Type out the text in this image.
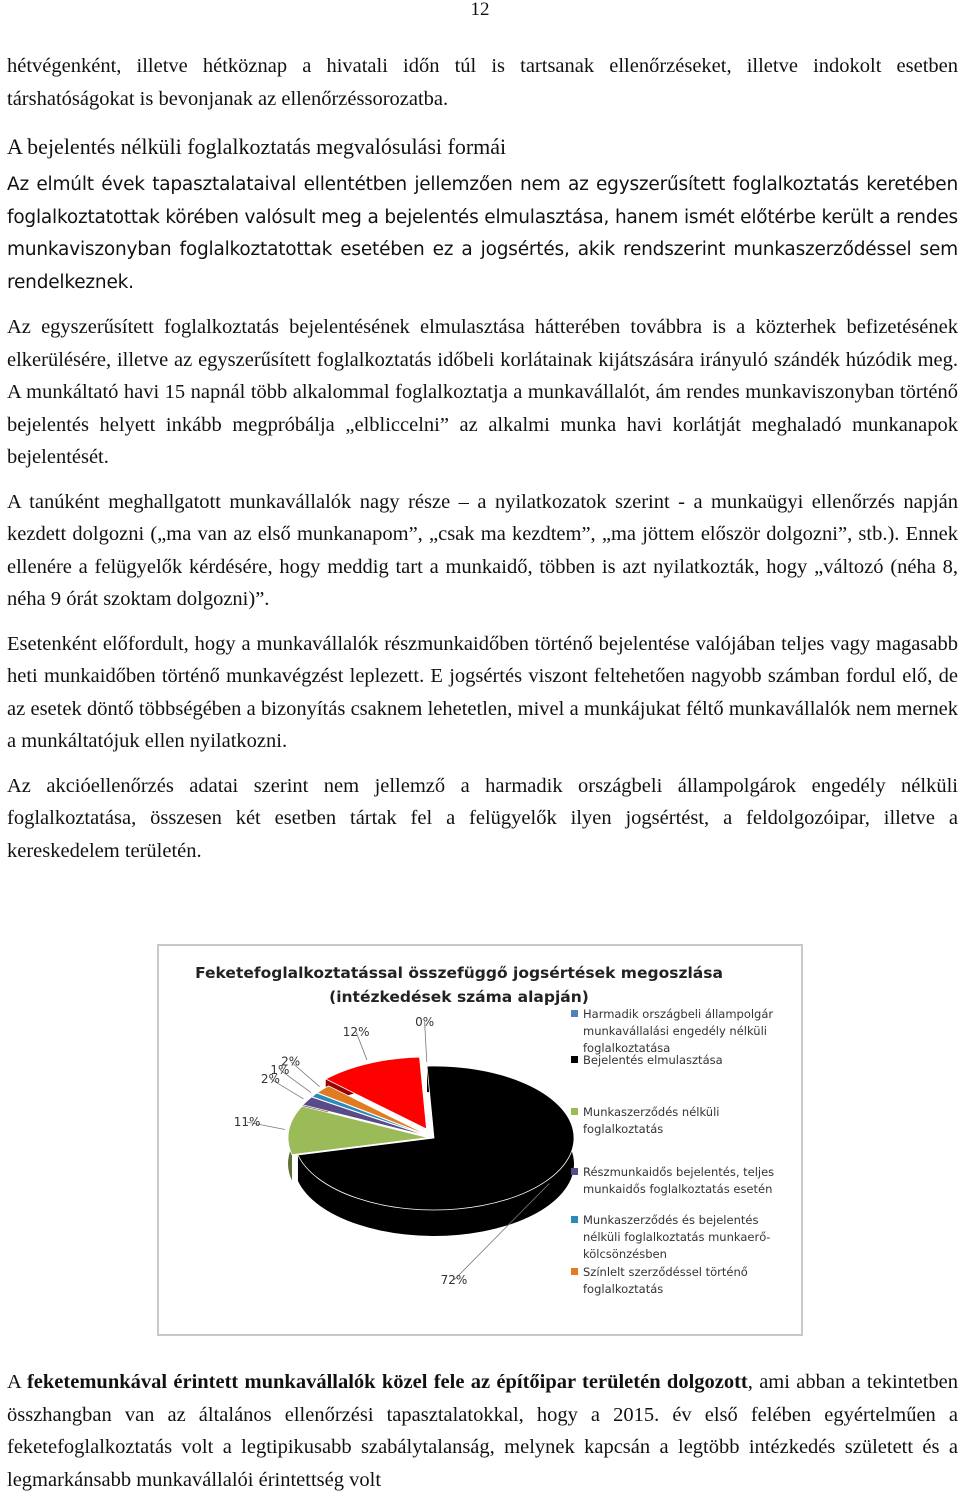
12

hétvégenként, illetve hétköznap a hivatali időn túl is tartsanak ellenőrzéseket, illetve indokolt esetben társhatóságokat is bevonjanak az ellenőrzéssorozatba.

A bejelentés nélküli foglalkoztatás megvalósulási formái

Az elmúlt évek tapasztalataival ellentétben jellemzően nem az egyszerűsített foglalkoztatás keretében foglalkoztatottak körében valósult meg a bejelentés elmulasztása, hanem ismét előtérbe került a rendes munkaviszonyban foglalkoztatottak esetében ez a jogsértés, akik rendszerint munkaszerződéssel sem rendelkeznek.

Az egyszerűsített foglalkoztatás bejelentésének elmulasztása hátterében továbbra is a közterhek befizetésének elkerülésére, illetve az egyszerűsített foglalkoztatás időbeli korlátainak kijátszására irányuló szándék húzódik meg. A munkáltató havi 15 napnál több alkalommal foglalkoztatja a munkavállalót, ám rendes munkaviszonyban történő bejelentés helyett inkább megpróbálja „elbliccelni” az alkalmi munka havi korlátját meghaladó munkanapok bejelentését.

A tanúként meghallgatott munkavállalók nagy része – a nyilatkozatok szerint - a munkaügyi ellenőrzés napján kezdett dolgozni („ma van az első munkanapom”, „csak ma kezdtem”, „ma jöttem először dolgozni”, stb.). Ennek ellenére a felügyelők kérdésére, hogy meddig tart a munkaidő, többen is azt nyilatkozták, hogy „változó (néha 8, néha 9 órát szoktam dolgozni)”.

Esetenként előfordult, hogy a munkavállalók részmunkaidőben történő bejelentése valójában teljes vagy magasabb heti munkaidőben történő munkavégzést leplezett. E jogsértés viszont feltehetően nagyobb számban fordul elő, de az esetek döntő többségében a bizonyítás csaknem lehetetlen, mivel a munkájukat féltő munkavállalók nem mernek a munkáltatójuk ellen nyilatkozni.

Az akcióellenőrzés adatai szerint nem jellemző a harmadik országbeli állampolgárok engedély nélküli foglalkoztatása, összesen két esetben tártak fel a felügyelők ilyen jogsértést, a feldolgozóipar, illetve a kereskedelem területén.

Feketefoglalkoztatással összefüggő jogsértések megoszlása
(intézkedések száma alapján)
0%
72%
11%
2%
1%
2%
12%
Harmadik országbeli állampolgár
munkavállalási engedély nélküli
foglalkoztatása
Bejelentés elmulasztása
Munkaszerződés nélküli
foglalkoztatás
Részmunkaidős bejelentés, teljes
munkaidős foglalkoztatás esetén
Munkaszerződés és bejelentés
nélküli foglalkoztatás munkaerő-
kölcsönzésben
Színlelt szerződéssel történő
foglalkoztatás

A feketemunkával érintett munkavállalók közel fele az építőipar területén dolgozott, ami abban a tekintetben összhangban van az általános ellenőrzési tapasztalatokkal, hogy a 2015. év első felében egyértelműen a feketefoglalkoztatás volt a legtipikusabb szabálytalanság, melynek kapcsán a legtöbb intézkedés született és a legmarkánsabb munkavállalói érintettség volt
